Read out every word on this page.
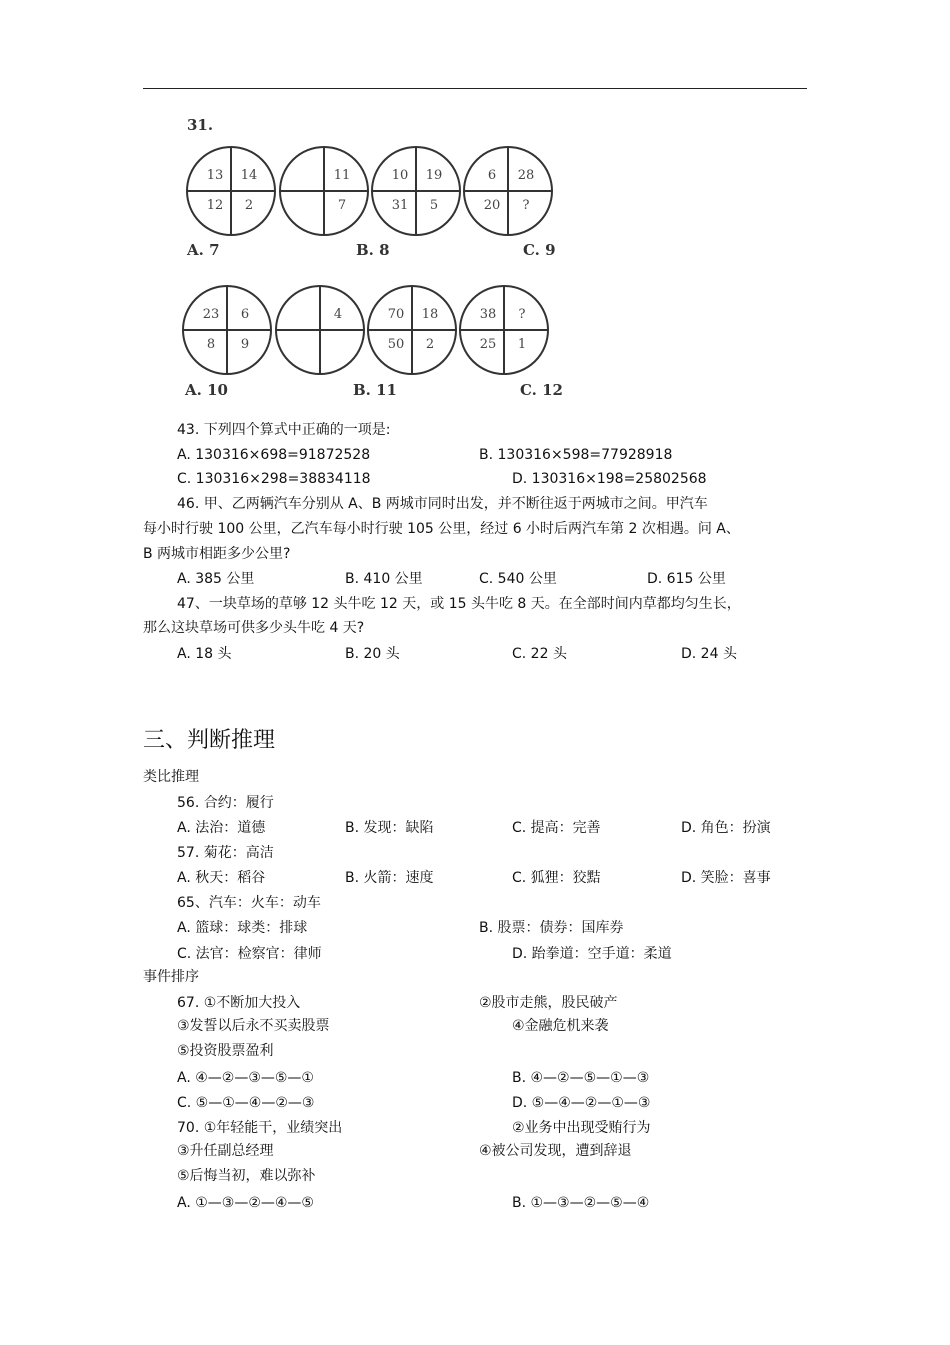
31.
13	14
12	2
11
7
10	19
31	5
6	28
20	?
A. 7	B. 8	C. 9
23	6
8	9
4	70	18
50	2
38	?
25	1
A. 10	B. 11	C. 12
43. 下列四个算式中正确的一项是:
A. 130316×698=91872528	B. 130316×598=77928918
C. 130316×298=38834118	D. 130316×198=25802568
46. 甲、乙两辆汽车分别从 A、B 两城市同时出发，并不断往返于两城市之间。甲汽车
每小时行驶 100 公里，乙汽车每小时行驶 105 公里，经过 6 小时后两汽车第 2 次相遇。问 A、
B 两城市相距多少公里?
A. 385 公里	B. 410 公里	C. 540 公里	D. 615 公里
47、一块草场的草够 12 头牛吃 12 天，或 15 头牛吃 8 天。在全部时间内草都均匀生长，
那么这块草场可供多少头牛吃 4 天?
A. 18 头	B. 20 头	C. 22 头	D. 24 头
三、判断推理
类比推理
56. 合约：履行
A. 法治：道德	B. 发现：缺陷	C. 提高：完善	D. 角色：扮演
57. 菊花：高洁
A. 秋天：稻谷	B. 火箭：速度	C. 狐狸：狡黠	D. 笑脸：喜事
65、汽车：火车：动车
A. 篮球：球类：排球	B. 股票：债券：国库券
C. 法官：检察官：律师	D. 跆拳道：空手道：柔道
事件排序
67. ①不断加大投入	②股市走熊，股民破产
③发誓以后永不买卖股票	④金融危机来袭
⑤投资股票盈利
A. ④—②—③—⑤—①	B. ④—②—⑤—①—③
C. ⑤—①—④—②—③	D. ⑤—④—②—①—③
70. ①年轻能干，业绩突出	②业务中出现受贿行为
③升任副总经理	④被公司发现，遭到辞退
⑤后悔当初，难以弥补
A. ①—③—②—④—⑤	B. ①—③—②—⑤—④
